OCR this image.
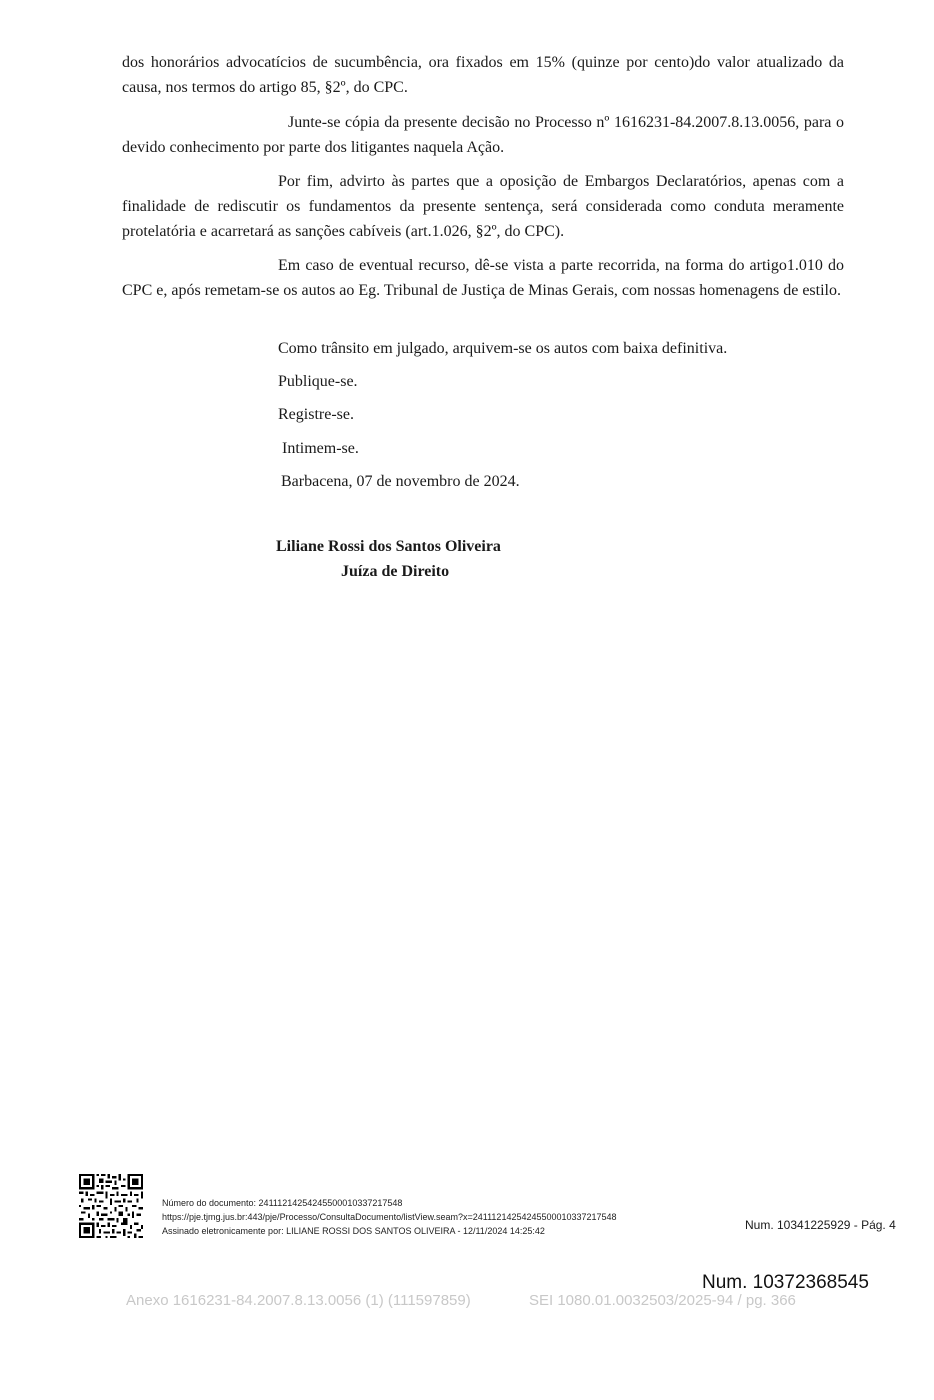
dos honorários advocatícios de sucumbência, ora fixados em 15% (quinze por cento)do valor atualizado da causa, nos termos do artigo 85, §2º, do CPC.

Junte-se cópia da presente decisão no Processo nº 1616231-84.2007.8.13.0056, para o devido conhecimento por parte dos litigantes naquela Ação.

Por fim, advirto às partes que a oposição de Embargos Declaratórios, apenas com a finalidade de rediscutir os fundamentos da presente sentença, será considerada como conduta meramente protelatória e acarretará as sanções cabíveis (art.1.026, §2º, do CPC).

Em caso de eventual recurso, dê-se vista a parte recorrida, na forma do artigo1.010 do CPC e, após remetam-se os autos ao Eg. Tribunal de Justiça de Minas Gerais, com nossas homenagens de estilo.

Como trânsito em julgado, arquivem-se os autos com baixa definitiva.

Publique-se.

Registre-se.

Intimem-se.

Barbacena, 07 de novembro de 2024.

Liliane Rossi dos Santos Oliveira
Juíza de Direito
Número do documento: 24111214254245500010337217548
https://pje.tjmg.jus.br:443/pje/Processo/ConsultaDocumento/listView.seam?x=24111214254245500010337217548
Assinado eletronicamente por: LILIANE ROSSI DOS SANTOS OLIVEIRA - 12/11/2024 14:25:42	Num. 10341225929 - Pág. 4
Num. 10372368545
Anexo 1616231-84.2007.8.13.0056 (1) (111597859)	SEI 1080.01.0032503/2025-94 / pg. 366
